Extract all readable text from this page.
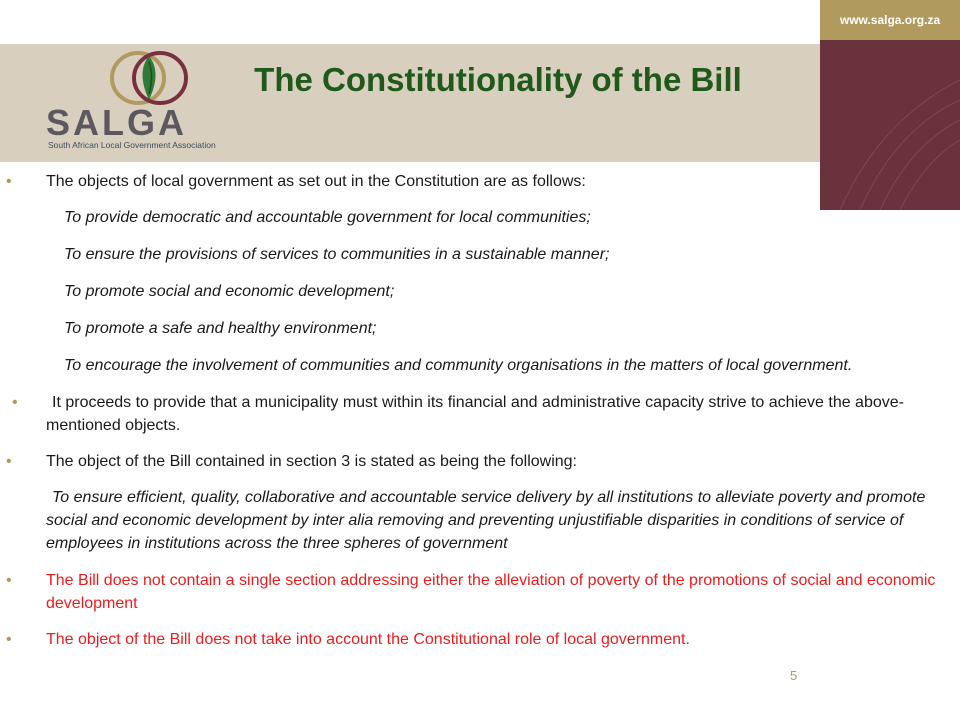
www.salga.org.za
SALGA
South African Local Government Association
The Constitutionality of the Bill
• The objects of local government as set out in the Constitution are as follows:
To provide democratic and accountable government for local communities;
To ensure the provisions of services to communities in a sustainable manner;
To promote social and economic development;
To promote a safe and healthy environment;
To encourage the involvement of communities and community organisations in the matters of local government.
• It proceeds to provide that a municipality must within its financial and administrative capacity strive to achieve the above-mentioned objects.
• The object of the Bill contained in section 3 is stated as being the following:
To ensure efficient, quality, collaborative and accountable service delivery by all institutions to alleviate poverty and promote social and economic development by inter alia removing and preventing unjustifiable disparities in conditions of service of employees in institutions across the three spheres of government
• The Bill does not contain a single section addressing either the alleviation of poverty of the promotions of social and economic development
• The object of the Bill does not take into account the Constitutional role of local government.
5
